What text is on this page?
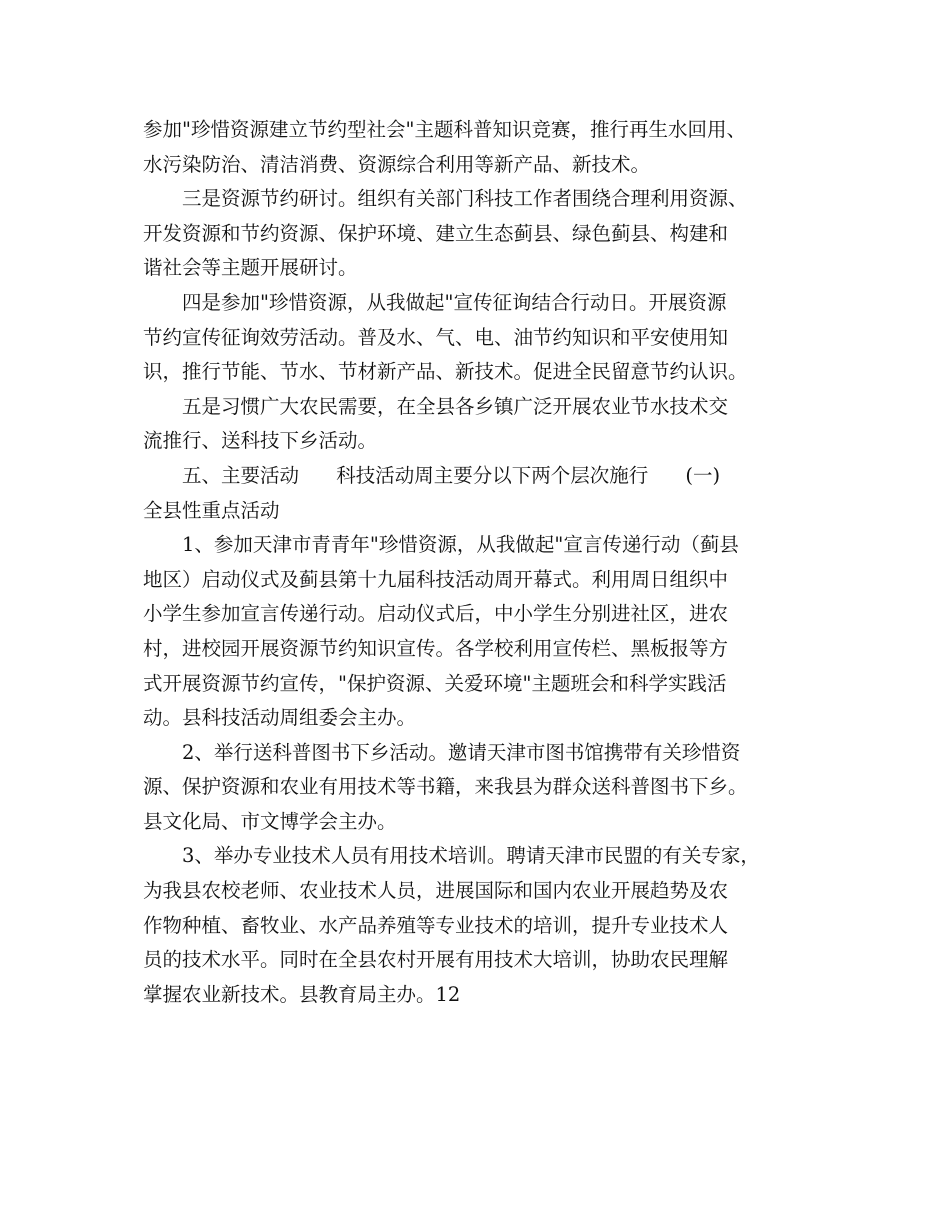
参加"珍惜资源建立节约型社会"主题科普知识竞赛，推行再生水回用、
水污染防治、清洁消费、资源综合利用等新产品、新技术。

三是资源节约研讨。组织有关部门科技工作者围绕合理利用资源、
开发资源和节约资源、保护环境、建立生态蓟县、绿色蓟县、构建和
谐社会等主题开展研讨。

四是参加"珍惜资源，从我做起"宣传征询结合行动日。开展资源
节约宣传征询效劳活动。普及水、气、电、油节约知识和平安使用知
识，推行节能、节水、节材新产品、新技术。促进全民留意节约认识。

五是习惯广大农民需要，在全县各乡镇广泛开展农业节水技术交
流推行、送科技下乡活动。

五、主要活动      科技活动周主要分以下两个层次施行      (一)
全县性重点活动

1、参加天津市青青年"珍惜资源，从我做起"宣言传递行动（蓟县
地区）启动仪式及蓟县第十九届科技活动周开幕式。利用周日组织中
小学生参加宣言传递行动。启动仪式后，中小学生分别进社区，进农
村，进校园开展资源节约知识宣传。各学校利用宣传栏、黑板报等方
式开展资源节约宣传，"保护资源、关爱环境"主题班会和科学实践活
动。县科技活动周组委会主办。

2、举行送科普图书下乡活动。邀请天津市图书馆携带有关珍惜资
源、保护资源和农业有用技术等书籍，来我县为群众送科普图书下乡。
县文化局、市文博学会主办。

3、举办专业技术人员有用技术培训。聘请天津市民盟的有关专家，
为我县农校老师、农业技术人员，进展国际和国内农业开展趋势及农
作物种植、畜牧业、水产品养殖等专业技术的培训，提升专业技术人
员的技术水平。同时在全县农村开展有用技术大培训，协助农民理解
掌握农业新技术。县教育局主办。12
